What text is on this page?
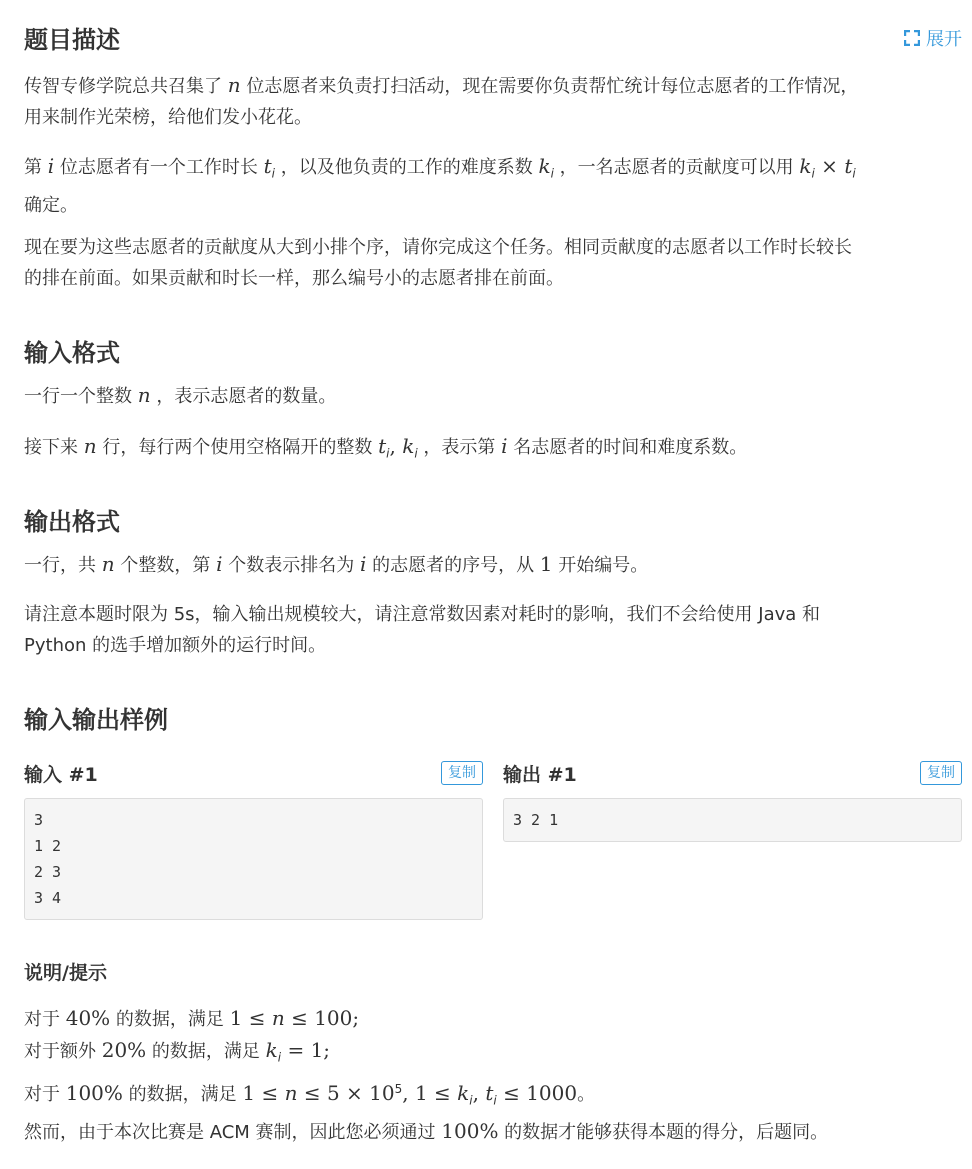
题目描述	展开

传智专修学院总共召集了 n 位志愿者来负责打扫活动，现在需要你负责帮忙统计每位志愿者的工作情况，

用来制作光荣榜，给他们发小花花。

第 i 位志愿者有一个工作时长 $t_i$ ，以及他负责的工作的难度系数 $k_i$ ，一名志愿者的贡献度可以用 $k_i \times t_i$

确定。

现在要为这些志愿者的贡献度从大到小排个序，请你完成这个任务。相同贡献度的志愿者以工作时长较长

的排在前面。如果贡献和时长一样，那么编号小的志愿者排在前面。

输入格式

一行一个整数 n ，表示志愿者的数量。

接下来 n 行，每行两个使用空格隔开的整数 $t_i$, $k_i$ ，表示第 i 名志愿者的时间和难度系数。

输出格式

一行，共 n 个整数，第 i 个数表示排名为 i 的志愿者的序号，从 1 开始编号。

请注意本题时限为 5s，输入输出规模较大，请注意常数因素对耗时的影响，我们不会给使用 Java 和

Python 的选手增加额外的运行时间。

输入输出样例
输入 #1	复制
3
1 2
2 3
3 4
输出 #1	复制
3 2 1
说明/提示

对于 40% 的数据，满足 1 ≤ n ≤ 100;

对于额外 20% 的数据，满足 $k_i = 1$;

对于 100% 的数据，满足 $1 \le n \le 5 \times 10^5$, $1 \le k_i$, $t_i \le 1000$。

然而，由于本次比赛是 ACM 赛制，因此您必须通过 100% 的数据才能够获得本题的得分，后题同。
